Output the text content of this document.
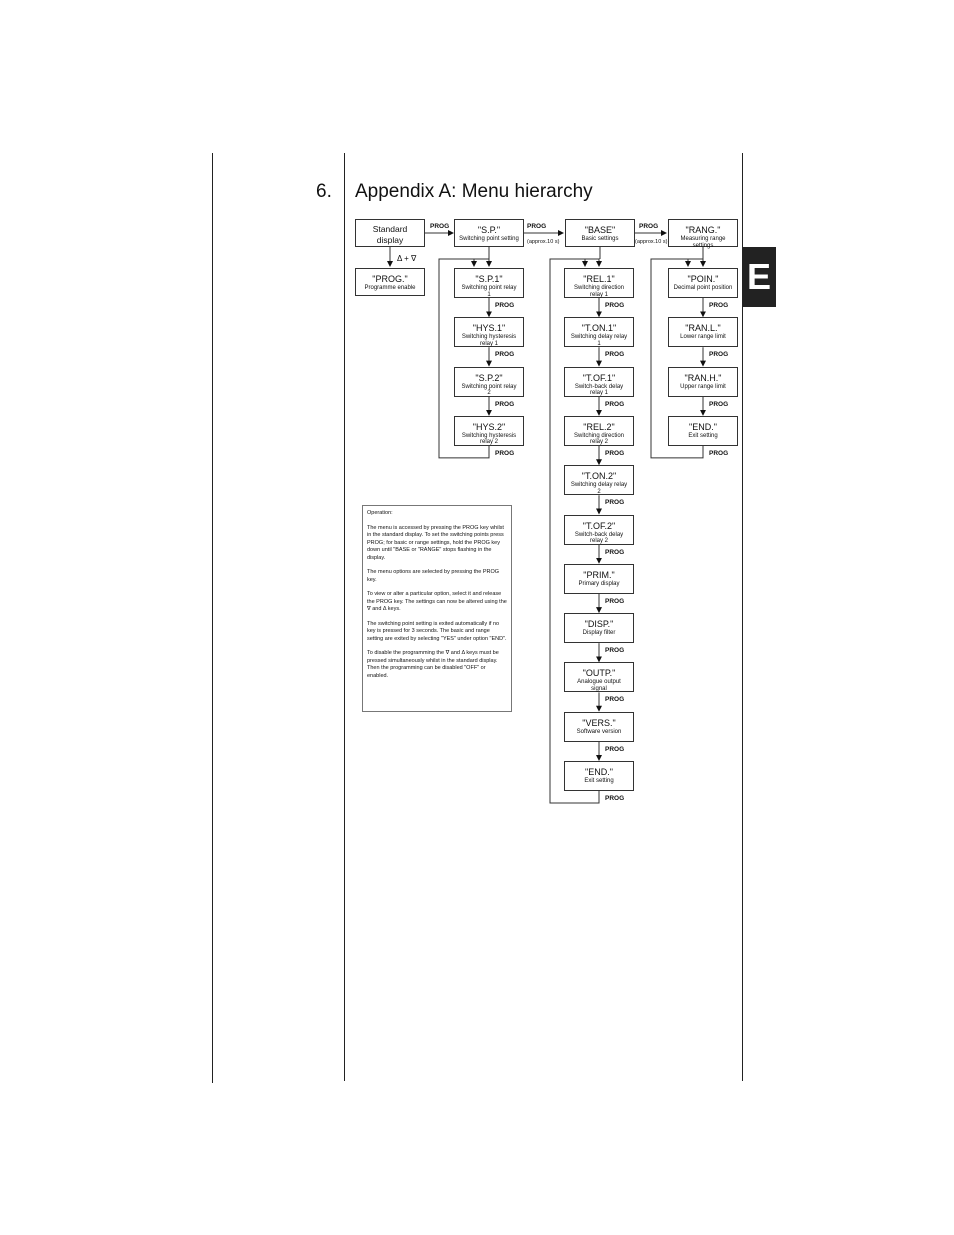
6. Appendix A: Menu hierarchy
E
Δ + ∇
Standard display
"S.P."
Switching point setting
"BASE"
Basic settings
"RANG."
Measuring range settings
"PROG."
Programme enable
PROG	PROG	PROG
(approx.10 s)	(approx.10 s)
"S.P.1"
Switching point relay 1
PROG
"HYS.1"
Switching hysteresis relay 1
PROG
"S.P.2"
Switching point relay 2
PROG
"HYS.2"
Switching hysteresis relay 2
PROG
"REL.1"
Switching direction relay 1
PROG
"T.ON.1"
Switching delay relay 1
PROG
"T.OF.1"
Switch-back delay relay 1
PROG
"REL.2"
Switching direction relay 2
PROG
"T.ON.2"
Switching delay relay 2
PROG
"T.OF.2"
Switch-back delay relay 2
PROG
"PRIM."
Primary display
PROG
"DISP."
Display filter
PROG
"OUTP."
Analogue output signal
PROG
"VERS."
Software version
PROG
"END."
Exit setting
PROG
"POIN."
Decimal point position
PROG
"RAN.L."
Lower range limit
PROG
"RAN.H."
Upper range limit
PROG
"END."
Exit setting
PROG

Operation:

The menu is accessed by pressing the PROG key whilst in the standard display. To set the switching points press PROG; for basic or range settings, hold the PROG key down until "BASE or "RANGE" stops flashing in the display.

The menu options are selected by pressing the PROG key.

To view or alter a particular option, select it and release the PROG key. The settings can now be altered using the ∇ and Δ keys.

The switching point setting is exited automatically if no key is pressed for 3 seconds. The basic and range setting are exited by selecting "YES" under option "END".

To disable the programming the ∇ and Δ keys must be pressed simultaneously whilst in the standard display. Then the programming can be disabled "OFF" or enabled.
